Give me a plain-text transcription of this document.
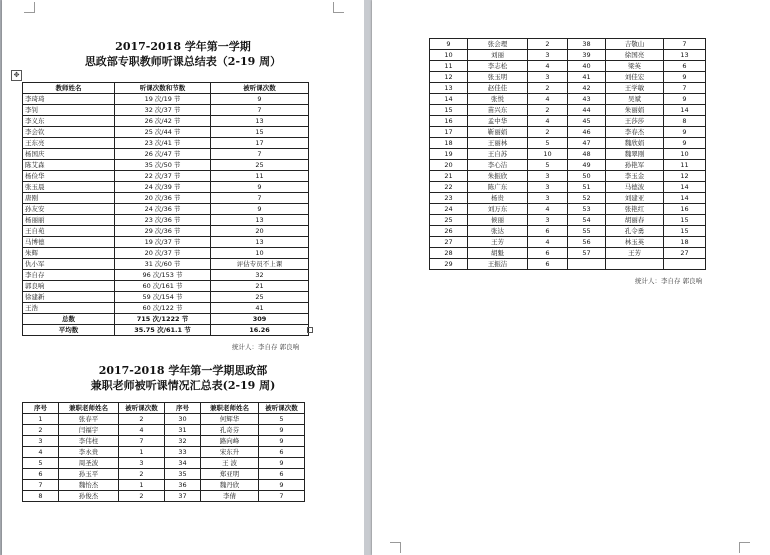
✥
2017-2018 学年第一学期
思政部专职教师听课总结表（2-19 周）
教师姓名	听课次数和节数	被听课次数
李琦琦	19 次/19 节	9
李钊	32 次/37 节	7
李义东	26 次/42 节	13
李会钦	25 次/44 节	15
王东亮	23 次/41 节	17
杨国庆	26 次/47 节	7
陈艾森	35 次/50 节	25
杨俭华	22 次/37 节	11
张玉晨	24 次/39 节	9
唐刚	20 次/36 节	7
孙友安	24 次/36 节	9
杨丽丽	23 次/36 节	13
王自苑	29 次/36 节	20
马博德	19 次/37 节	13
朱辉	20 次/37 节	10
仇小军	31 次/60 节	评估专员不上课
李自存	96 次/153 节	32
郭良响	60 次/161 节	21
徐建新	59 次/154 节	25
王浩	60 次/122 节	41
总数	715 次/1222 节	309
平均数	35.75 次/61.1 节	16.26
统计人：李自存 郭良响
2017-2018 学年第一学期思政部
兼职老师被听课情况汇总表(2-19 周)
序号	兼职老师姓名	被听课次数	序号	兼职老师姓名	被听课次数
1	张春平	2	30	何辉华	5
2	闫福宇	4	31	孔奇芬	9
3	李伟柱	7	32	路向峰	9
4	李永贵	1	33	宋东升	6
5	周圣波	3	34	王 波	9
6	孙玉平	2	35	郑亚明	6
7	魏怡杰	1	36	魏丹欣	9
8	孙俊杰	2	37	李倩	7
9	张会理	2	38	吉敬山	7
10	刘丽	3	39	徐国亮	13
11	李志松	4	40	梁英	6
12	张玉明	3	41	刘佳宏	9
13	赵佳佳	2	42	王学敏	7
14	张悦	4	43	吴斌	9
15	苗兴东	2	44	朱丽娟	14
16	孟中华	4	45	王莎莎	8
17	靳丽娟	2	46	李春杰	9
18	王丽林	5	47	魏欣娟	9
19	王自苏	10	48	魏翠刚	10
20	李心洁	5	49	孙艳军	11
21	朱振欣	3	50	李玉金	12
22	陈广东	3	51	马德波	14
23	杨贵	3	52	刘建亚	14
24	刘万东	4	53	张艳红	16
25	候丽	3	54	胡丽春	15
26	张达	6	55	孔令勇	15
27	王芳	4	56	林玉英	18
28	胡魁	6	57	王芳	27
29	王振洁	6			
统计人：李自存 郭良响
